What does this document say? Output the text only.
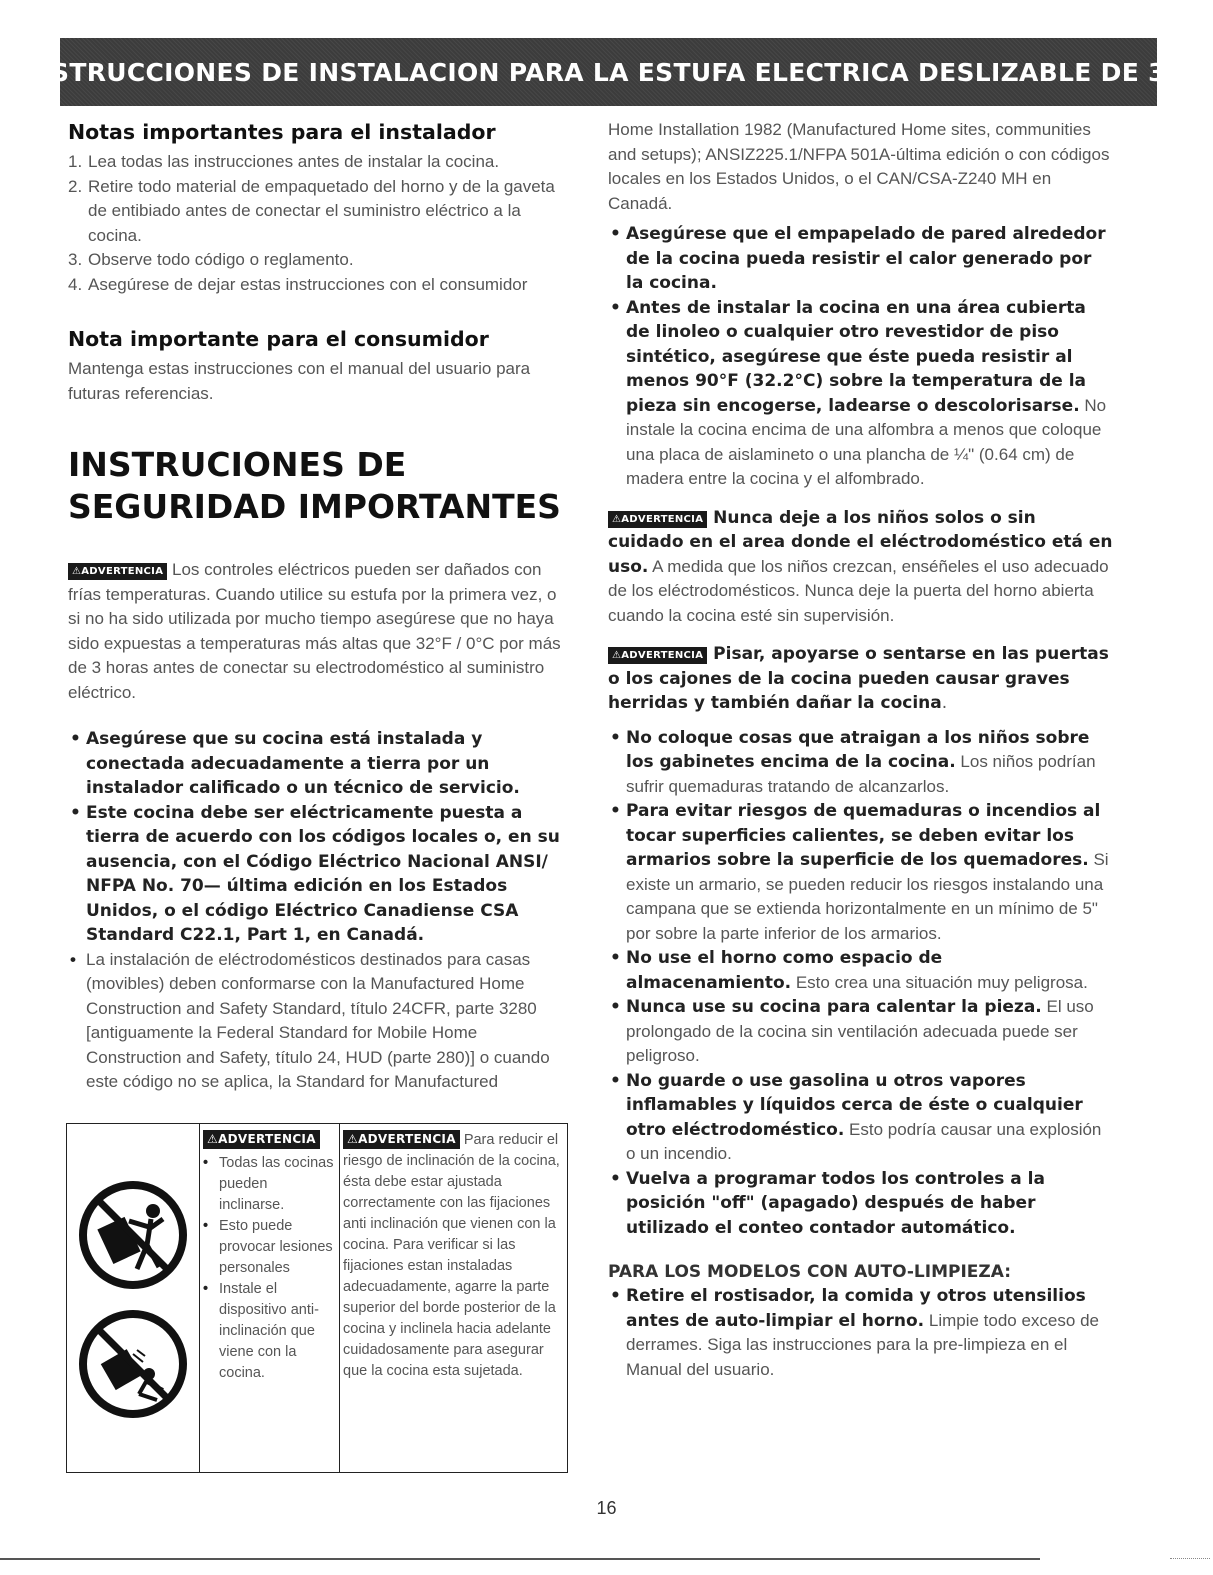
INSTRUCCIONES DE INSTALACION PARA LA ESTUFA ELECTRICA DESLIZABLE DE 30"
Notas importantes para el instalador
1. Lea todas las instrucciones antes de instalar la cocina.
2. Retire todo material de empaquetado del horno y de la gaveta de entibiado antes de conectar el suministro eléctrico a la cocina.
3. Observe todo código o reglamento.
4. Asegúrese de dejar estas instrucciones con el consumidor
Nota importante para el consumidor
Mantenga estas instrucciones con el manual del usuario para futuras referencias.
INSTRUCIONES DE
SEGURIDAD IMPORTANTES
⚠ADVERTENCIA Los controles eléctricos pueden ser dañados con frías temperaturas. Cuando utilice su estufa por la primera vez, o si no ha sido utilizada por mucho tiempo asegúrese que no haya sido expuestas a temperaturas más altas que 32°F / 0°C por más de 3 horas antes de conectar su electrodoméstico al suministro eléctrico.
• Asegúrese que su cocina está instalada y conectada adecuadamente a tierra por un instalador calificado o un técnico de servicio.
• Este cocina debe ser eléctricamente puesta a tierra de acuerdo con los códigos locales o, en su ausencia, con el Código Eléctrico Nacional ANSI/ NFPA No. 70— última edición en los Estados Unidos, o el código Eléctrico Canadiense CSA Standard C22.1, Part 1, en Canadá.
• La instalación de eléctrodomésticos destinados para casas (movibles) deben conformarse con la Manufactured Home Construction and Safety Standard, título 24CFR, parte 3280 [antiguamente la Federal Standard for Mobile Home Construction and Safety, título 24, HUD (parte 280)] o cuando este código no se aplica, la Standard for Manufactured
⚠ADVERTENCIA
• Todas las cocinas pueden inclinarse.
• Esto puede provocar lesiones personales
• Instale el dispositivo anti-inclinación que viene con la cocina.
⚠ADVERTENCIA Para reducir el riesgo de inclinación de la cocina, ésta debe estar ajustada correctamente con las fijaciones anti inclinación que vienen con la cocina. Para verificar si las fijaciones estan instaladas adecuadamente, agarre la parte superior del borde posterior de la cocina y inclinela hacia adelante cuidadosamente para asegurar que la cocina esta sujetada.
Home Installation 1982 (Manufactured Home sites, communities and setups); ANSIZ225.1/NFPA 501A-última edición o con códigos locales en los Estados Unidos, o el CAN/CSA-Z240 MH en Canadá.
• Asegúrese que el empapelado de pared alrededor de la cocina pueda resistir el calor generado por la cocina.
• Antes de instalar la cocina en una área cubierta de linoleo o cualquier otro revestidor de piso sintético, asegúrese que éste pueda resistir al menos 90°F (32.2°C) sobre la temperatura de la pieza sin encogerse, ladearse o descolorisarse. No instale la cocina encima de una alfombra a menos que coloque una placa de aislamineto o una plancha de ¼" (0.64 cm) de madera entre la cocina y el alfombrado.
⚠ADVERTENCIA Nunca deje a los niños solos o sin cuidado en el area donde el eléctrodoméstico etá en uso. A medida que los niños crezcan, enséñeles el uso adecuado de los eléctrodomésticos. Nunca deje la puerta del horno abierta cuando la cocina esté sin supervisión.
⚠ADVERTENCIA Pisar, apoyarse o sentarse en las puertas o los cajones de la cocina pueden causar graves herridas y también dañar la cocina.
• No coloque cosas que atraigan a los niños sobre los gabinetes encima de la cocina. Los niños podrían sufrir quemaduras tratando de alcanzarlos.
• Para evitar riesgos de quemaduras o incendios al tocar superficies calientes, se deben evitar los armarios sobre la superficie de los quemadores. Si existe un armario, se pueden reducir los riesgos instalando una campana que se extienda horizontalmente en un mínimo de 5" por sobre la parte inferior de los armarios.
• No use el horno como espacio de almacenamiento. Esto crea una situación muy peligrosa.
• Nunca use su cocina para calentar la pieza. El uso prolongado de la cocina sin ventilación adecuada puede ser peligroso.
• No guarde o use gasolina u otros vapores inflamables y líquidos cerca de éste o cualquier otro eléctrodoméstico. Esto podría causar una explosión o un incendio.
• Vuelva a programar todos los controles a la posición "off" (apagado) después de haber utilizado el conteo contador automático.
PARA LOS MODELOS CON AUTO-LIMPIEZA:
• Retire el rostisador, la comida y otros utensilios antes de auto-limpiar el horno. Limpie todo exceso de derrames. Siga las instrucciones para la pre-limpieza en el Manual del usuario.
16
